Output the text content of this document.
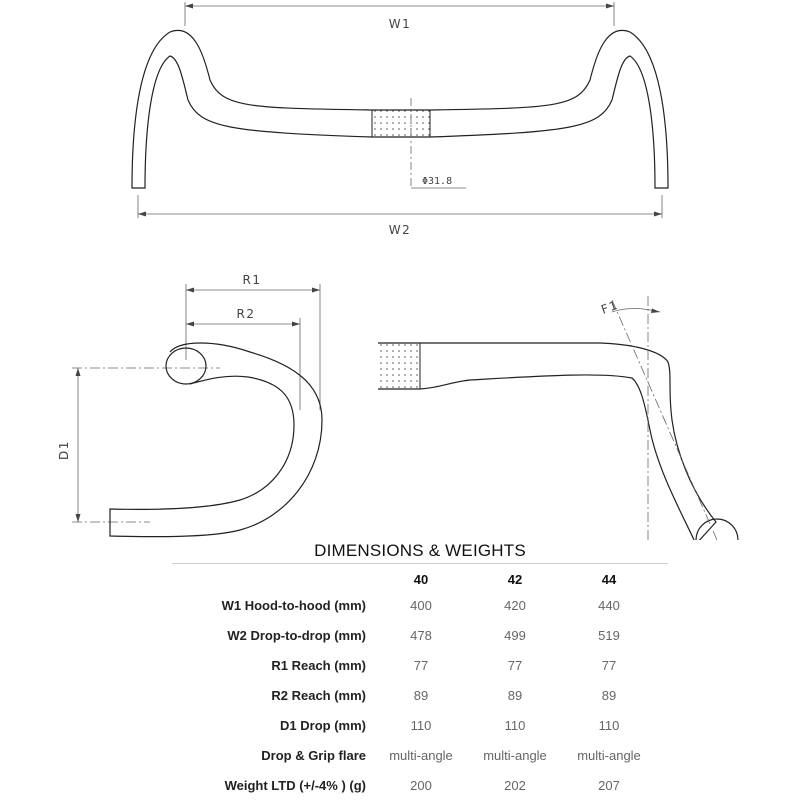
W1
W2
Φ31.8
R1
R2
D1
F1
DIMENSIONS & WEIGHTS
	40	42	44
W1 Hood-to-hood (mm)	400	420	440
W2 Drop-to-drop (mm)	478	499	519
R1 Reach (mm)	77	77	77
R2 Reach (mm)	89	89	89
D1 Drop (mm)	110	110	110
Drop & Grip flare	multi-angle	multi-angle	multi-angle
Weight LTD (+/-4% ) (g)	200	202	207
